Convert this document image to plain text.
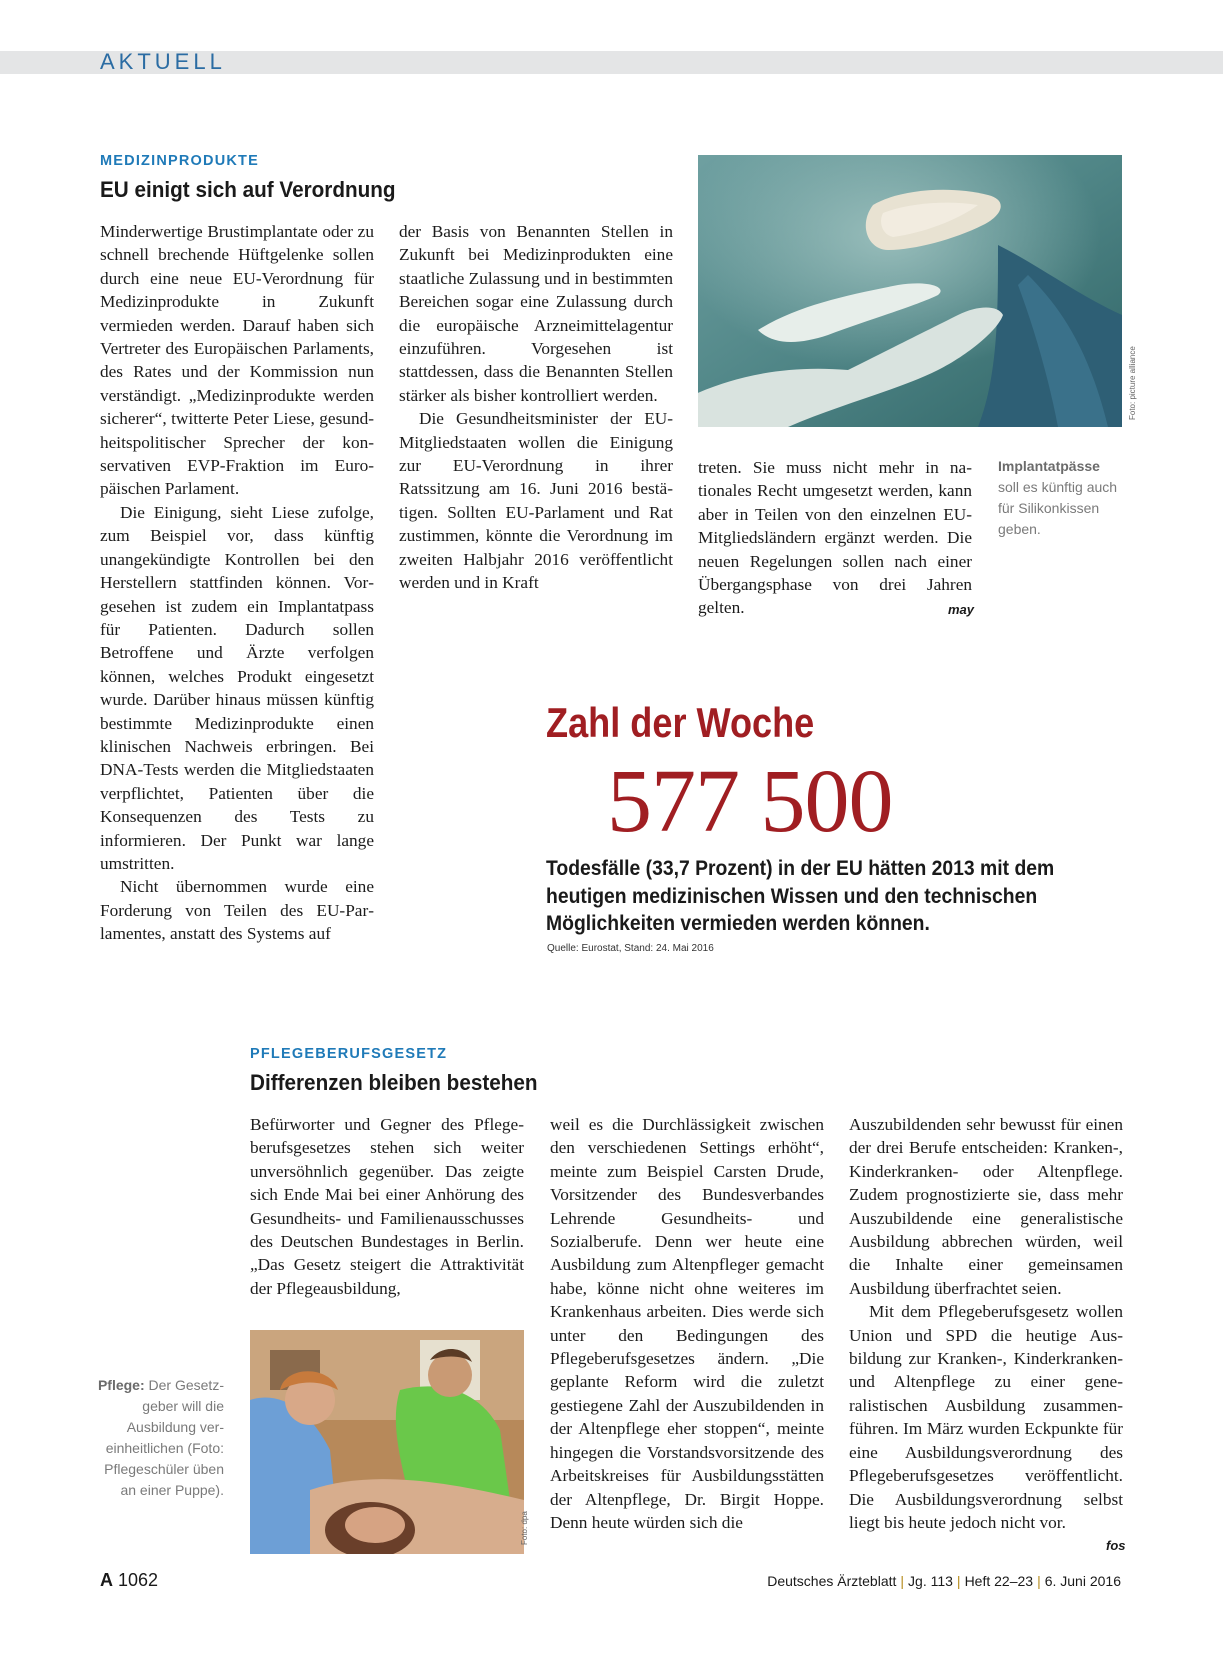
AKTUELL
MEDIZINPRODUKTE
EU einigt sich auf Verordnung

Minderwertige Brustimplantate oder zu schnell brechende Hüftgelenke sollen durch eine neue EU-Verordnung für Medizinprodukte in Zukunft vermieden werden. Darauf haben sich Vertreter des Europäischen Parlaments, des Rates und der Kommission nun verständigt. „Medizinprodukte werden sicherer“, twitterte Peter Liese, gesundheitspolitischer Sprecher der konservativen EVP-Fraktion im Europäischen Parlament.

Die Einigung, sieht Liese zufolge, zum Beispiel vor, dass künftig unangekündigte Kontrollen bei den Herstellern stattfinden können. Vorgesehen ist zudem ein Implantatpass für Patienten. Dadurch sollen Betroffene und Ärzte verfolgen können, welches Produkt eingesetzt wurde. Darüber hinaus müssen künftig bestimmte Medizinprodukte einen klinischen Nachweis erbringen. Bei DNA-Tests werden die Mitgliedstaaten verpflichtet, Patienten über die Konsequenzen des Tests zu informieren. Der Punkt war lange umstritten.

Nicht übernommen wurde eine Forderung von Teilen des EU-Parlamentes, anstatt des Systems auf

der Basis von Benannten Stellen in Zukunft bei Medizinprodukten eine staatliche Zulassung und in bestimmten Bereichen sogar eine Zulassung durch die europäische Arzneimittelagentur einzuführen. Vorgesehen ist stattdessen, dass die Benannten Stellen stärker als bisher kontrolliert werden.

Die Gesundheitsminister der EU-Mitgliedstaaten wollen die Einigung zur EU-Verordnung in ihrer Ratssitzung am 16. Juni 2016 bestätigen. Sollten EU-Parlament und Rat zustimmen, könnte die Verordnung im zweiten Halbjahr 2016 veröffentlicht werden und in Kraft

Foto: picture alliance

treten. Sie muss nicht mehr in nationales Recht umgesetzt werden, kann aber in Teilen von den einzelnen EU-Mitgliedsländern ergänzt werden. Die neuen Regelungen sollen nach einer Übergangsphase von drei Jahren gelten.	may
Implantatpässe
soll es künftig auch für Silikonkissen geben.
Zahl der Woche
577 500
Todesfälle (33,7 Prozent) in der EU hätten 2013 mit dem heutigen medizinischen Wissen und den technischen Möglichkeiten vermieden werden können.
Quelle: Eurostat, Stand: 24. Mai 2016
PFLEGEBERUFSGESETZ
Differenzen bleiben bestehen

Befürworter und Gegner des Pflegeberufsgesetzes stehen sich weiter unversöhnlich gegenüber. Das zeigte sich Ende Mai bei einer Anhörung des Gesundheits- und Familienausschusses des Deutschen Bundestages in Berlin. „Das Gesetz steigert die Attraktivität der Pflegeausbildung,

Foto: dpa
Pflege: Der Gesetzgeber will die Ausbildung vereinheitlichen (Foto: Pflegeschüler üben an einer Puppe).

weil es die Durchlässigkeit zwischen den verschiedenen Settings erhöht“, meinte zum Beispiel Carsten Drude, Vorsitzender des Bundesverbandes Lehrende Gesundheits- und Sozialberufe. Denn wer heute eine Ausbildung zum Altenpfleger gemacht habe, könne nicht ohne weiteres im Krankenhaus arbeiten. Dies werde sich unter den Bedingungen des Pflegeberufsgesetzes ändern. „Die geplante Reform wird die zuletzt gestiegene Zahl der Auszubildenden in der Altenpflege eher stoppen“, meinte hingegen die Vorstandsvorsitzende des Arbeitskreises für Ausbildungsstätten der Altenpflege, Dr. Birgit Hoppe. Denn heute würden sich die

Auszubildenden sehr bewusst für einen der drei Berufe entscheiden: Kranken-, Kinderkranken- oder Altenpflege. Zudem prognostizierte sie, dass mehr Auszubildende eine generalistische Ausbildung abbrechen würden, weil die Inhalte einer gemeinsamen Ausbildung überfrachtet seien.

Mit dem Pflegeberufsgesetz wollen Union und SPD die heutige Ausbildung zur Kranken-, Kinderkranken- und Altenpflege zu einer generalistischen Ausbildung zusammenführen. Im März wurden Eckpunkte für eine Ausbildungsverordnung des Pflegeberufsgesetzes veröffentlicht. Die Ausbildungsverordnung selbst liegt bis heute jedoch nicht vor.

fos
A 1062	Deutsches Ärzteblatt | Jg. 113 | Heft 22–23 | 6. Juni 2016
